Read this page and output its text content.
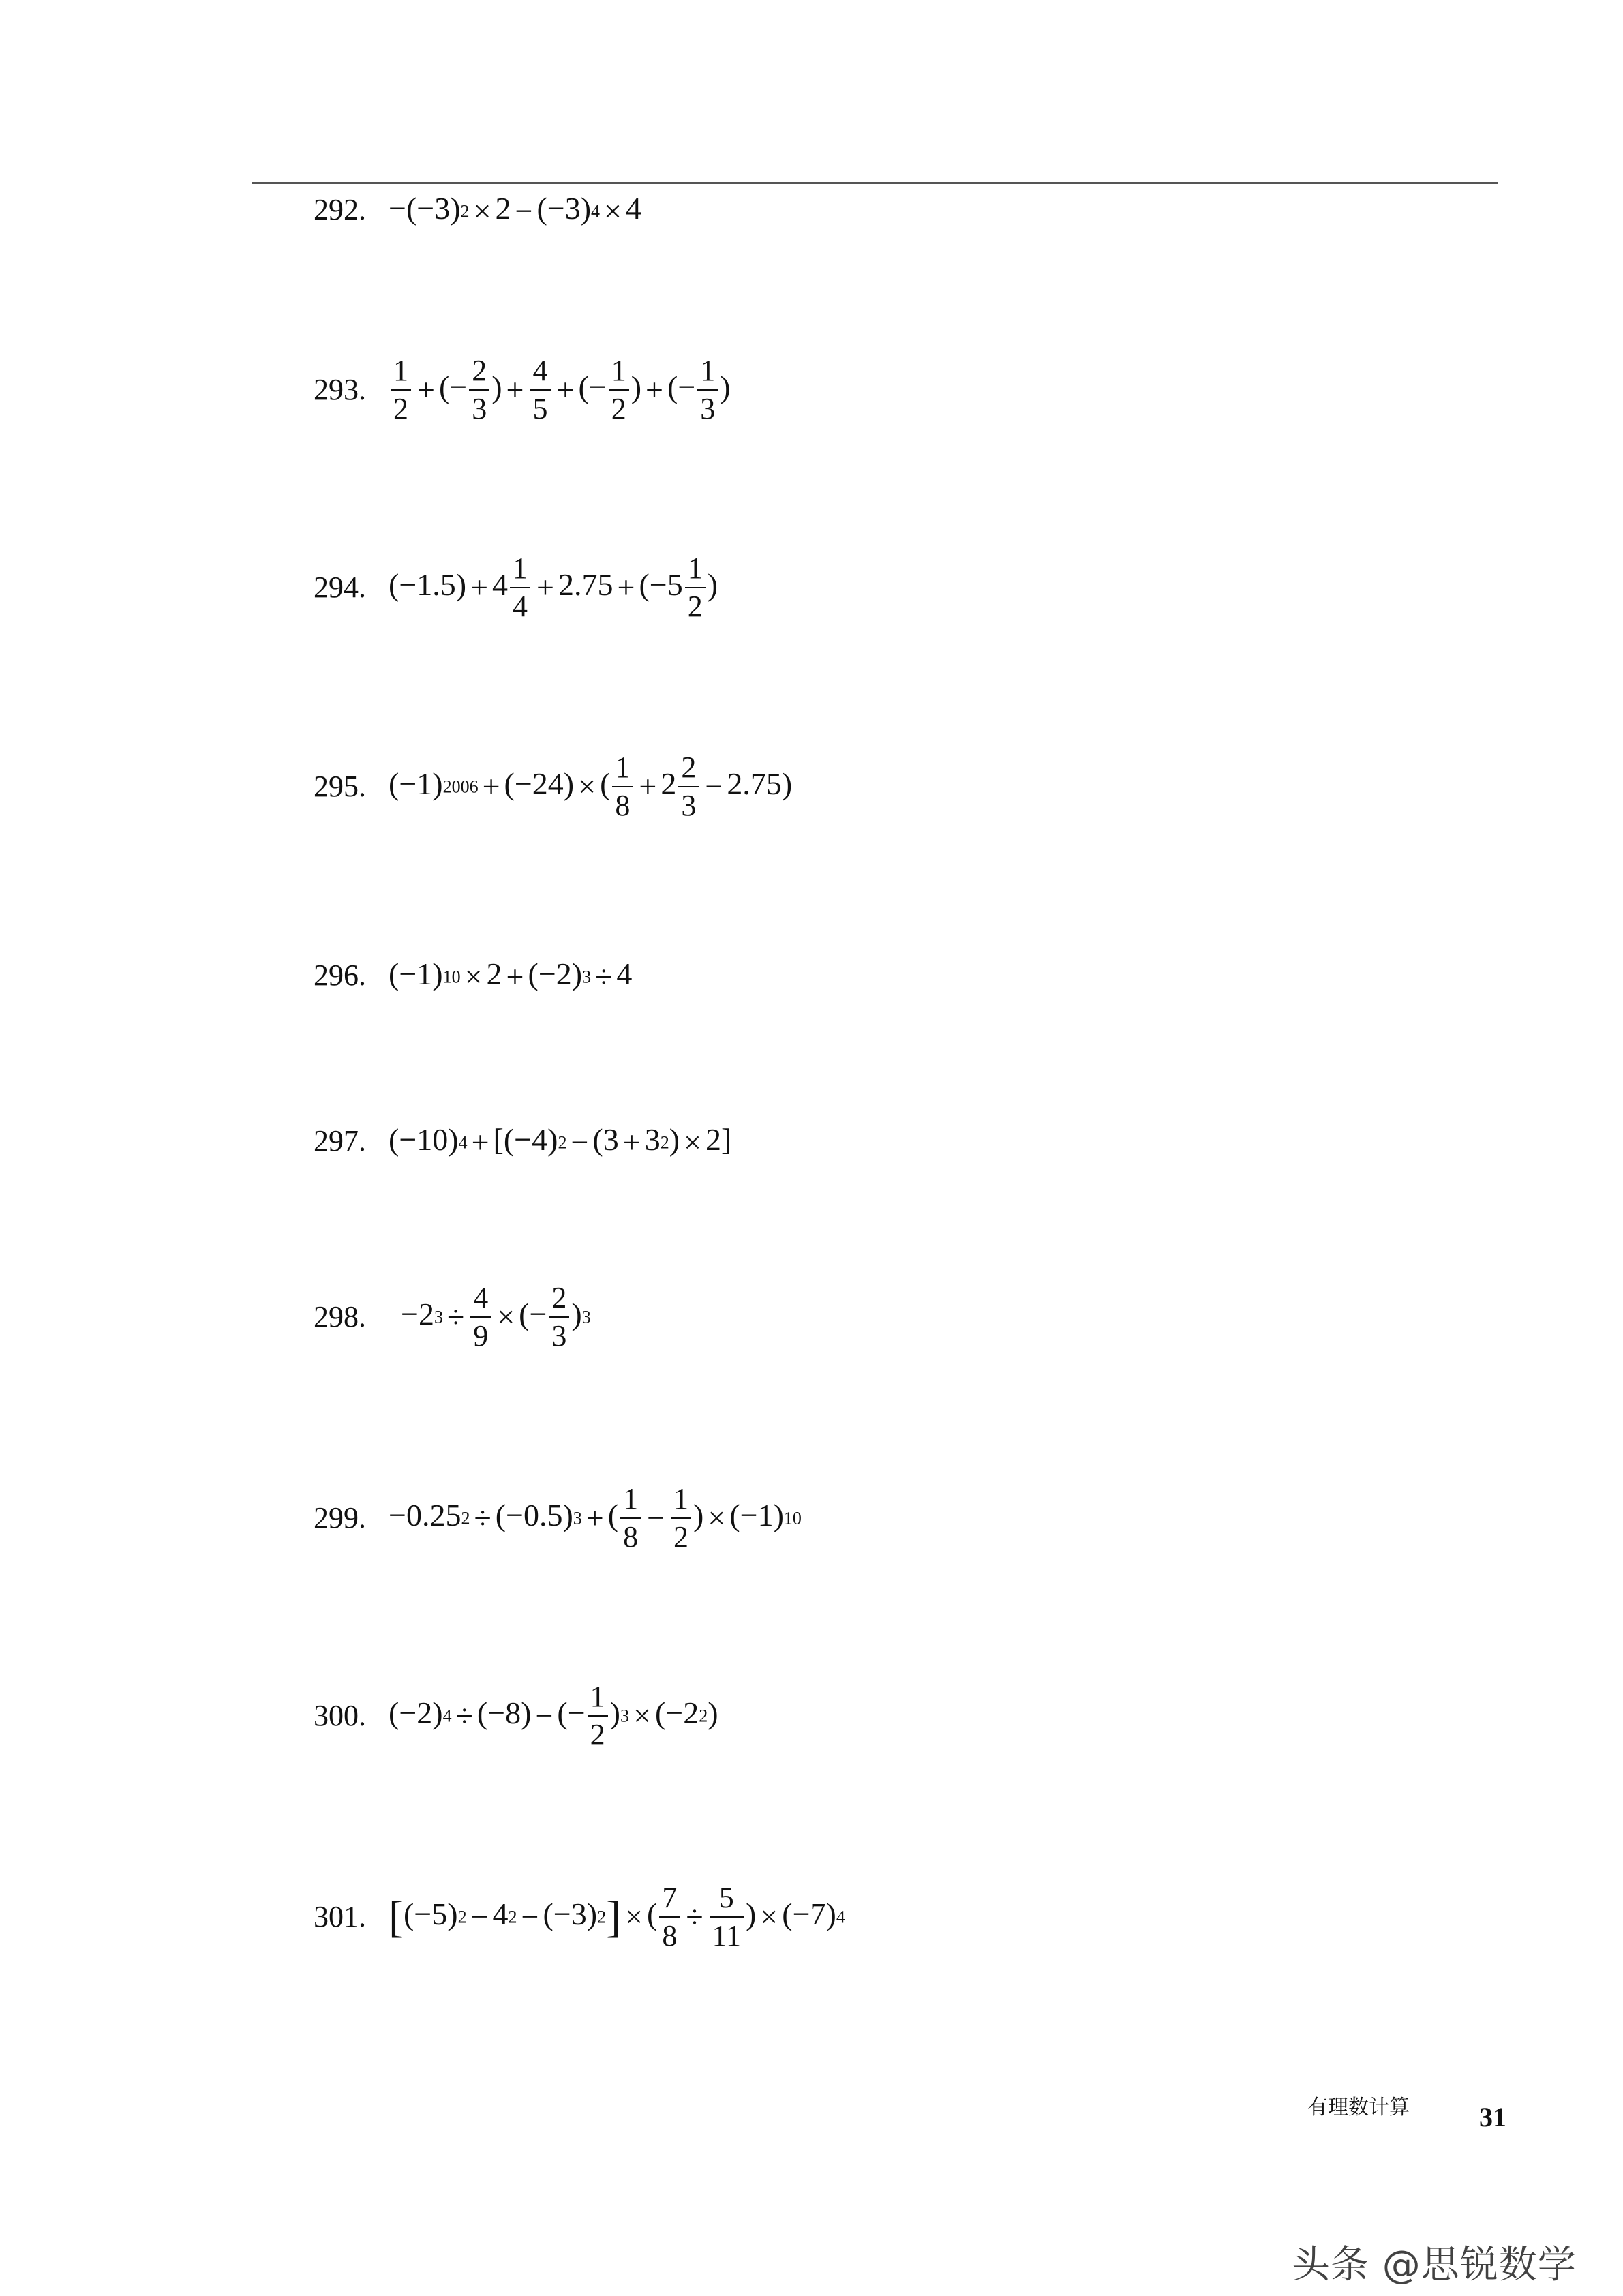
292. −(−3)2 × 2 − (−3)4 × 4
293. $\frac{1}{2}$ + (− $\frac{2}{3}$ ) + $\frac{4}{5}$ + (− $\frac{1}{2}$ ) + (− $\frac{1}{3}$ )
294. $(-1.5) + 4 \frac{1}{4} + 2.75 + (-5 \frac{1}{2}$ )
295. (−1)2006 + (−24) × ( $\frac{1}{8} + 2 \frac{2}{3} - 2.75$)
296. (−1)10 × 2 + (−2)3 ÷ 4
297. (−10)4 + [(−4)2 − (3 + 32) × 2]
298. $-23 \div \frac{4}{9}$ × (− $\frac{2}{3} )3$
299. −0.252 ÷ (−0.5)3 + ( $\frac{1}{8} - \frac{1}{2}$ ) × (−1)10
300. (−2)4 ÷ (−8) − (− $\frac{1}{2} )3 \times (-22)$
301. [(−5)2 − 42 − (−3)2] × ( $\frac{7}{8} \div \frac{5}{11}$ ) × (−7)4
有理数计算	31
头条 @思锐数学
